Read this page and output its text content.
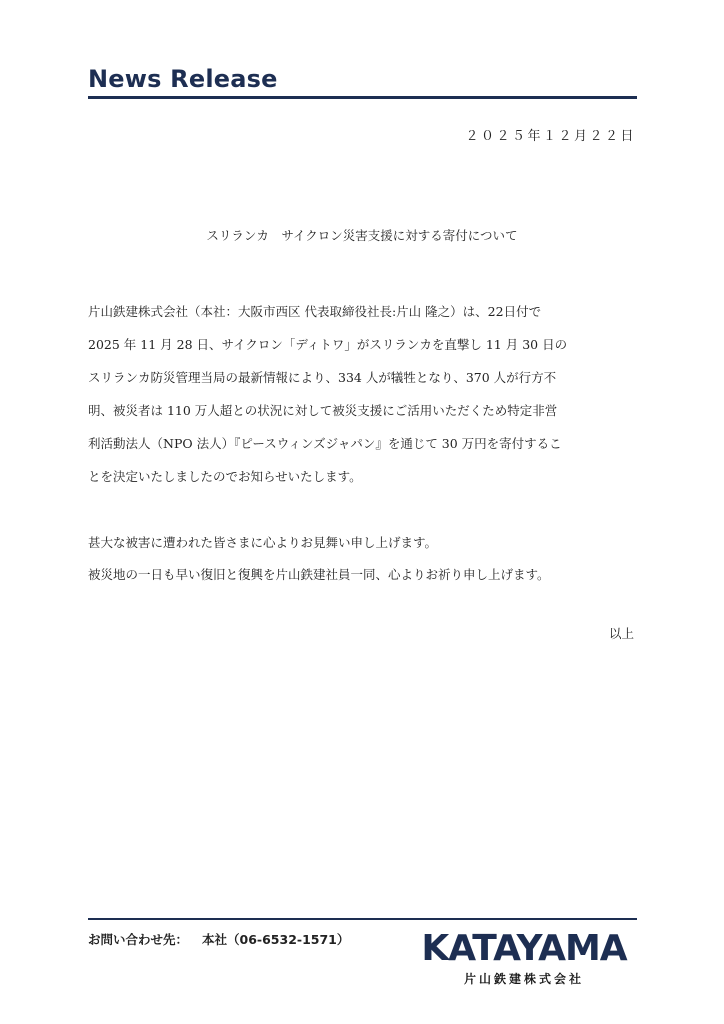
News Release
２０２５年１２月２２日
スリランカ　サイクロン災害支援に対する寄付について
片山鉄建株式会社（本社：大阪市西区 代表取締役社長:片山 隆之）は、22日付で
2025 年 11 月 28 日、サイクロン「ディトワ」がスリランカを直撃し 11 月 30 日の
スリランカ防災管理当局の最新情報により、334 人が犠牲となり、370 人が行方不
明、被災者は 110 万人超との状況に対して被災支援にご活用いただくため特定非営
利活動法人（NPO 法人）『ピースウィンズジャパン』を通じて 30 万円を寄付するこ
とを決定いたしましたのでお知らせいたします。
甚大な被害に遭われた皆さまに心よりお見舞い申し上げます。
被災地の一日も早い復旧と復興を片山鉄建社員一同、心よりお祈り申し上げます。
以上
お問い合わせ先： 本社（06-6532-1571） KATAYAMA
片山鉄建株式会社
